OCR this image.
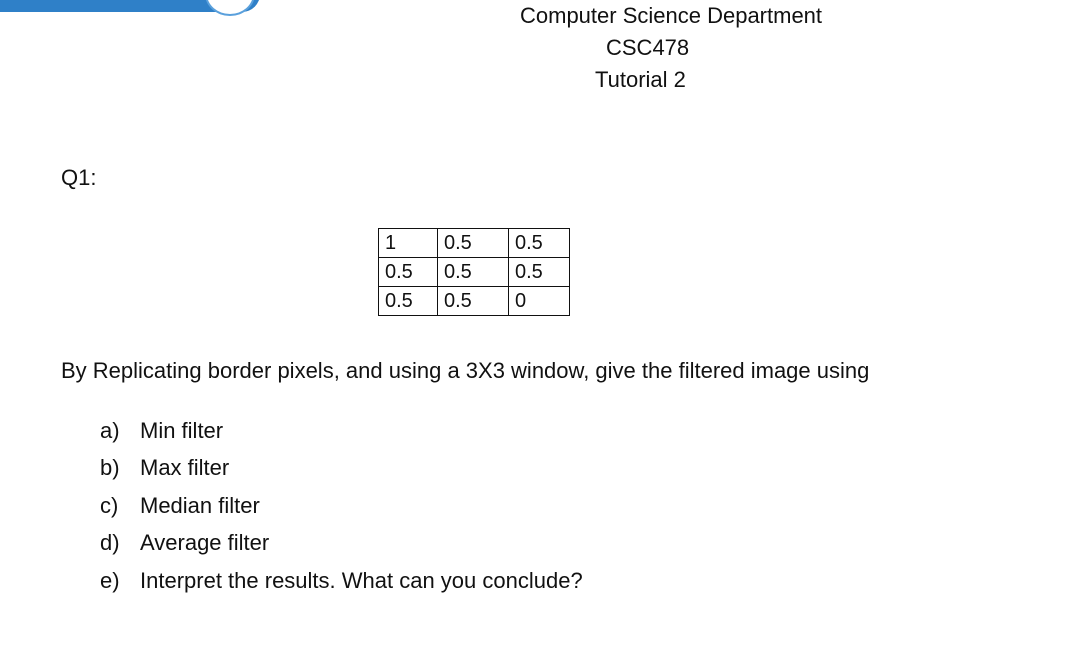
Computer Science Department
CSC478
Tutorial 2
Q1:
1	0.5	0.5
0.5	0.5	0.5
0.5	0.5	0
By Replicating border pixels, and using a 3X3 window, give the filtered image using
a) Min filter
b) Max filter
c) Median filter
d) Average filter
e) Interpret the results. What can you conclude?
